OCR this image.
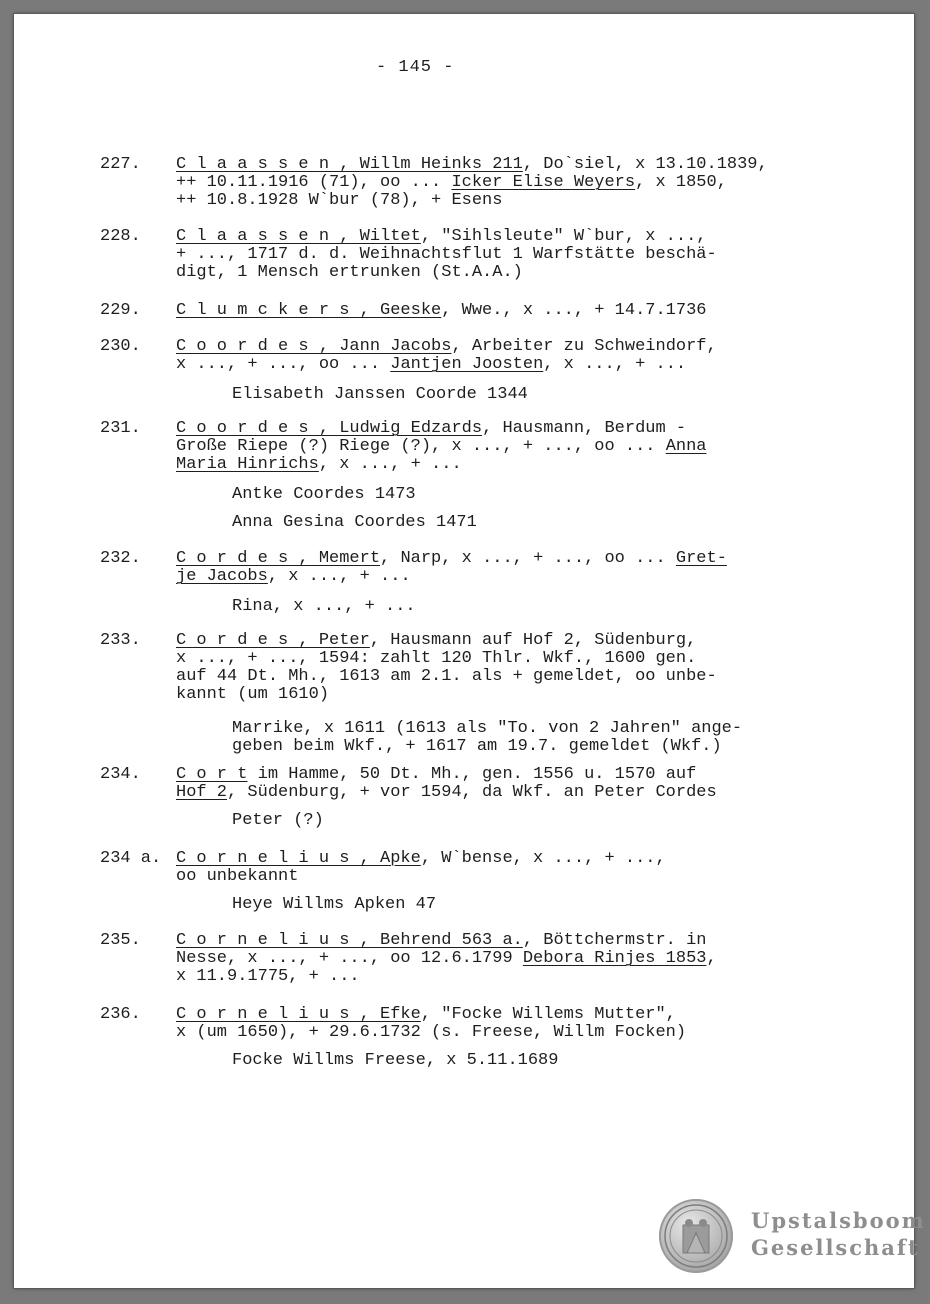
- 145 -
227. C l a a s s e n , Willm Heinks 211, Do`siel, x 13.10.1839,
++ 10.11.1916 (71), oo ... Icker Elise Weyers, x 1850,
++ 10.8.1928 W`bur (78), + Esens
228. C l a a s s e n , Wiltet, "Sihlsleute" W`bur, x ...,
+ ..., 1717 d. d. Weihnachtsflut 1 Warfstätte beschä-
digt, 1 Mensch ertrunken (St.A.A.)
229. C l u m c k e r s , Geeske, Wwe., x ..., + 14.7.1736
230. C o o r d e s , Jann Jacobs, Arbeiter zu Schweindorf,
x ..., + ..., oo ... Jantjen Joosten, x ..., + ...
Elisabeth Janssen Coorde 1344
231. C o o r d e s , Ludwig Edzards, Hausmann, Berdum -
Große Riepe (?) Riege (?), x ..., + ..., oo ... Anna
Maria Hinrichs, x ..., + ...
Antke Coordes 1473
Anna Gesina Coordes 1471
232. C o r d e s , Memert, Narp, x ..., + ..., oo ... Gret-
je Jacobs, x ..., + ...
Rina, x ..., + ...
233. C o r d e s , Peter, Hausmann auf Hof 2, Südenburg,
x ..., + ..., 1594: zahlt 120 Thlr. Wkf., 1600 gen.
auf 44 Dt. Mh., 1613 am 2.1. als + gemeldet, oo unbe-
kannt (um 1610)
Marrike, x 1611 (1613 als "To. von 2 Jahren" ange-
geben beim Wkf., + 1617 am 19.7. gemeldet (Wkf.)
234. C o r t im Hamme, 50 Dt. Mh., gen. 1556 u. 1570 auf
Hof 2, Südenburg, + vor 1594, da Wkf. an Peter Cordes
Peter (?)
234 a. C o r n e l i u s , Apke, W`bense, x ..., + ...,
oo unbekannt
Heye Willms Apken 47
235. C o r n e l i u s , Behrend 563 a., Böttchermstr. in
Nesse, x ..., + ..., oo 12.6.1799 Debora Rinjes 1853,
x 11.9.1775, + ...
236. C o r n e l i u s , Efke, "Focke Willems Mutter",
x (um 1650), + 29.6.1732 (s. Freese, Willm Focken)
Focke Willms Freese, x 5.11.1689
Upstalsboom
Gesellschaft
